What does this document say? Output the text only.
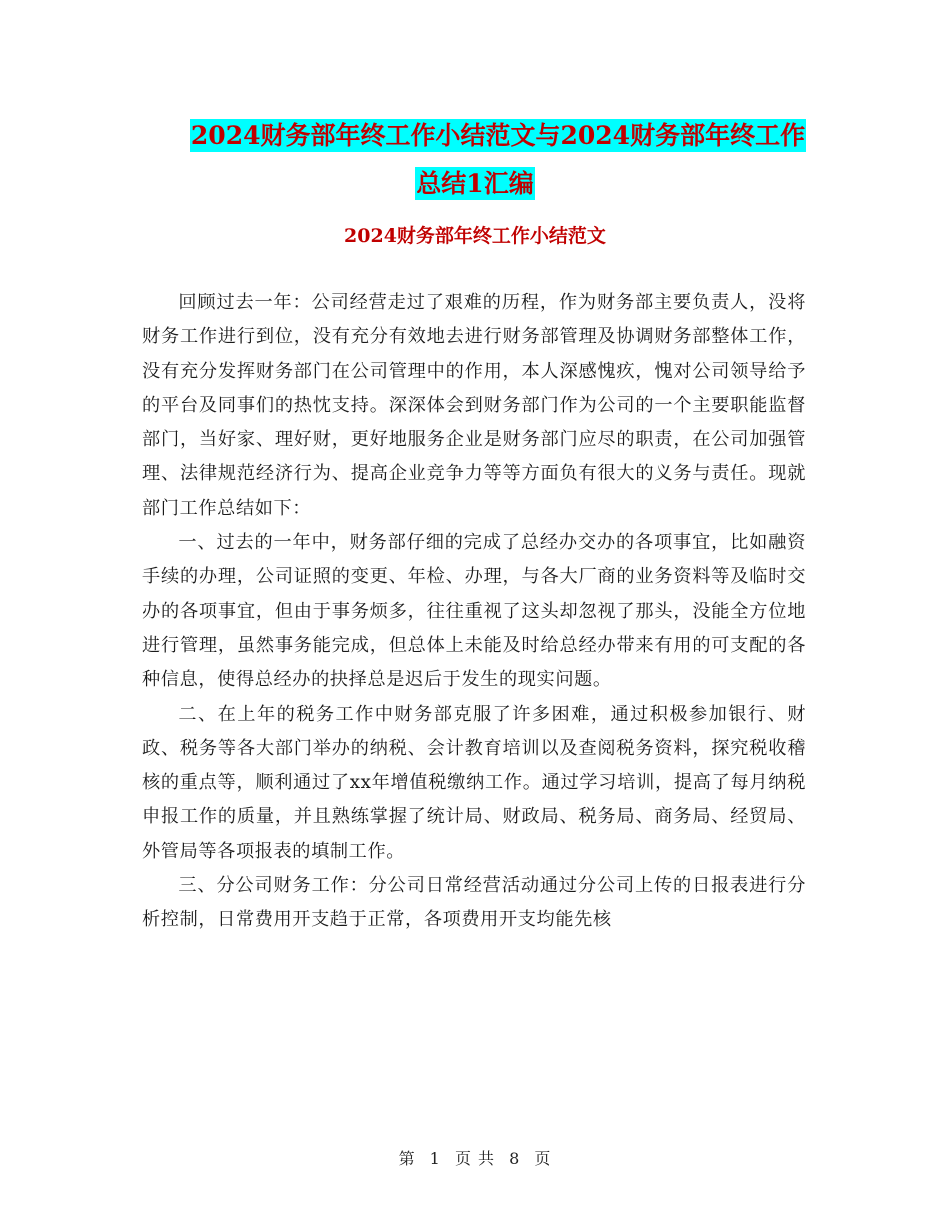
2024财务部年终工作小结范文与2024财务部年终工作
总结1汇编
2024财务部年终工作小结范文

回顾过去一年：公司经营走过了艰难的历程，作为财务部主要负责人，没将财务工作进行到位，没有充分有效地去进行财务部管理及协调财务部整体工作，没有充分发挥财务部门在公司管理中的作用，本人深感愧疚，愧对公司领导给予的平台及同事们的热忱支持。深深体会到财务部门作为公司的一个主要职能监督部门，当好家、理好财，更好地服务企业是财务部门应尽的职责，在公司加强管理、法律规范经济行为、提高企业竞争力等等方面负有很大的义务与责任。现就部门工作总结如下：

一、过去的一年中，财务部仔细的完成了总经办交办的各项事宜，比如融资手续的办理，公司证照的变更、年检、办理，与各大厂商的业务资料等及临时交办的各项事宜，但由于事务烦多，往往重视了这头却忽视了那头，没能全方位地进行管理，虽然事务能完成，但总体上未能及时给总经办带来有用的可支配的各种信息，使得总经办的抉择总是迟后于发生的现实问题。

二、在上年的税务工作中财务部克服了许多困难，通过积极参加银行、财政、税务等各大部门举办的纳税、会计教育培训以及查阅税务资料，探究税收稽核的重点等，顺利通过了xx年增值税缴纳工作。通过学习培训，提高了每月纳税申报工作的质量，并且熟练掌握了统计局、财政局、税务局、商务局、经贸局、外管局等各项报表的填制工作。

三、分公司财务工作：分公司日常经营活动通过分公司上传的日报表进行分析控制，日常费用开支趋于正常，各项费用开支均能先核

第 1 页 共 8 页
